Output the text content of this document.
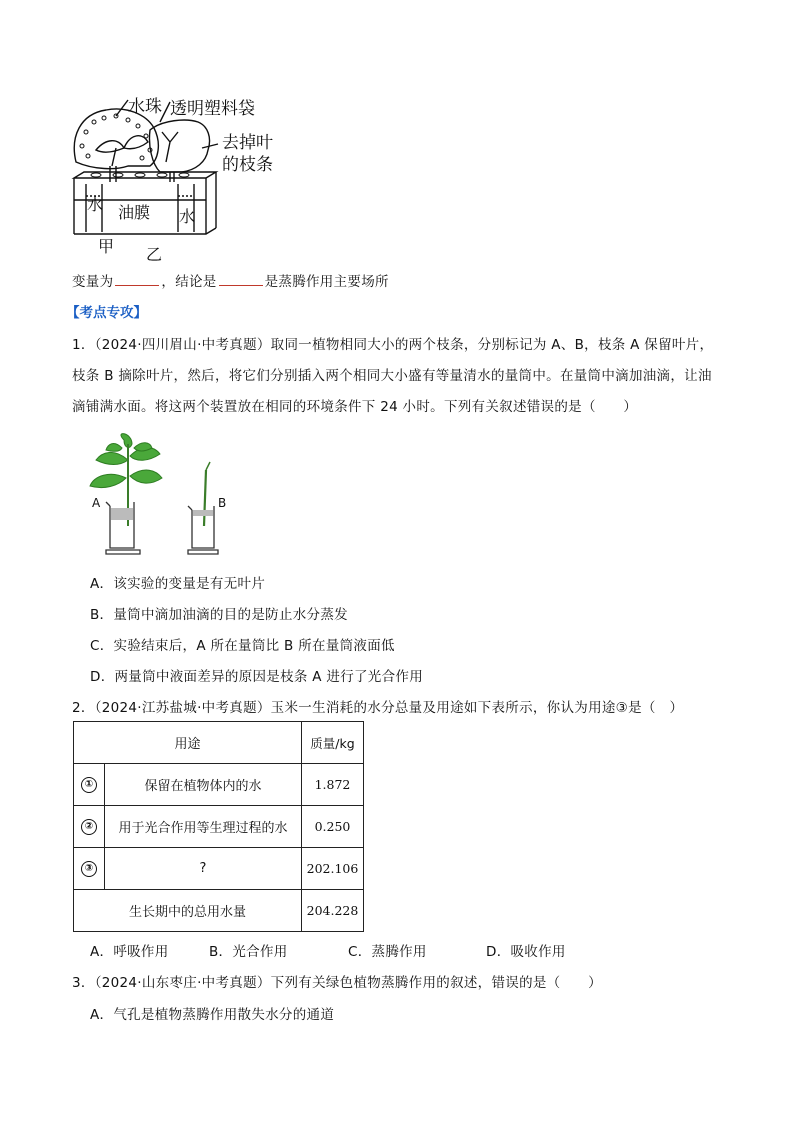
水珠 透明塑料袋
去掉叶
的枝条
水 油膜 水
甲 乙
变量为	，结论是	是蒸腾作用主要场所
【考点专攻】
1．（2024·四川眉山·中考真题）取同一植物相同大小的两个枝条，分别标记为 A、B，枝条 A 保留叶片，
枝条 B 摘除叶片，然后，将它们分别插入两个相同大小盛有等量清水的量筒中。在量筒中滴加油滴，让油
滴铺满水面。将这两个装置放在相同的环境条件下 24 小时。下列有关叙述错误的是（　　）
A	B
A．该实验的变量是有无叶片
B．量筒中滴加油滴的目的是防止水分蒸发
C．实验结束后，A 所在量筒比 B 所在量筒液面低
D．两量筒中液面差异的原因是枝条 A 进行了光合作用
2．（2024·江苏盐城·中考真题）玉米一生消耗的水分总量及用途如下表所示，你认为用途③是（　）
用途		质量/kg
①	保留在植物体内的水	1.872
②	用于光合作用等生理过程的水	0.250
③	?	202.106
生长期中的总用水量		204.228
A．呼吸作用	B．光合作用	C．蒸腾作用	D．吸收作用
3．（2024·山东枣庄·中考真题）下列有关绿色植物蒸腾作用的叙述，错误的是（　　）
A．气孔是植物蒸腾作用散失水分的通道
